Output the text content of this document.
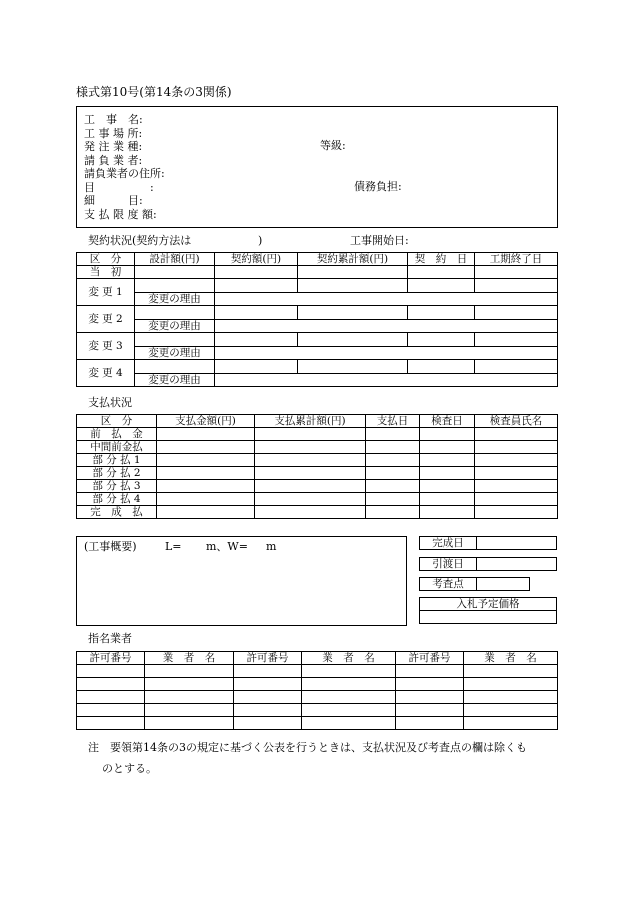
様式第10号(第14条の3関係)
工　事　名:
工 事 場 所:
発 注 業 種:
請 負 業 者:
請負業者の住所:
目　　　　　:
細　　　目:
支 払 限 度 額:
等級:
債務負担:
契約状況(契約方法は	)	工事開始日:
区　分	設計額(円)	契約額(円)	契約累計額(円)	契　約　日	工期終了日
当　初					
変 更 1					
	変更の理由				
変 更 2					
	変更の理由				
変 更 3					
	変更の理由				
変 更 4					
	変更の理由				
支払状況
区　分	支払金額(円)	支払累計額(円)	支払日	検査日	検査員氏名
前　払　金					
中間前金払					
部 分 払 1					
部 分 払 2					
部 分 払 3					
部 分 払 4					
完　成　払					
(工事概要)	L= m、W= m	完成日	
引渡日	
考査点	
入札予定価格

指名業者
許可番号	業　者　名	許可番号	業　者　名	許可番号	業　者　名

注　要領第14条の3の規定に基づく公表を行うときは、支払状況及び考査点の欄は除くも
のとする。
